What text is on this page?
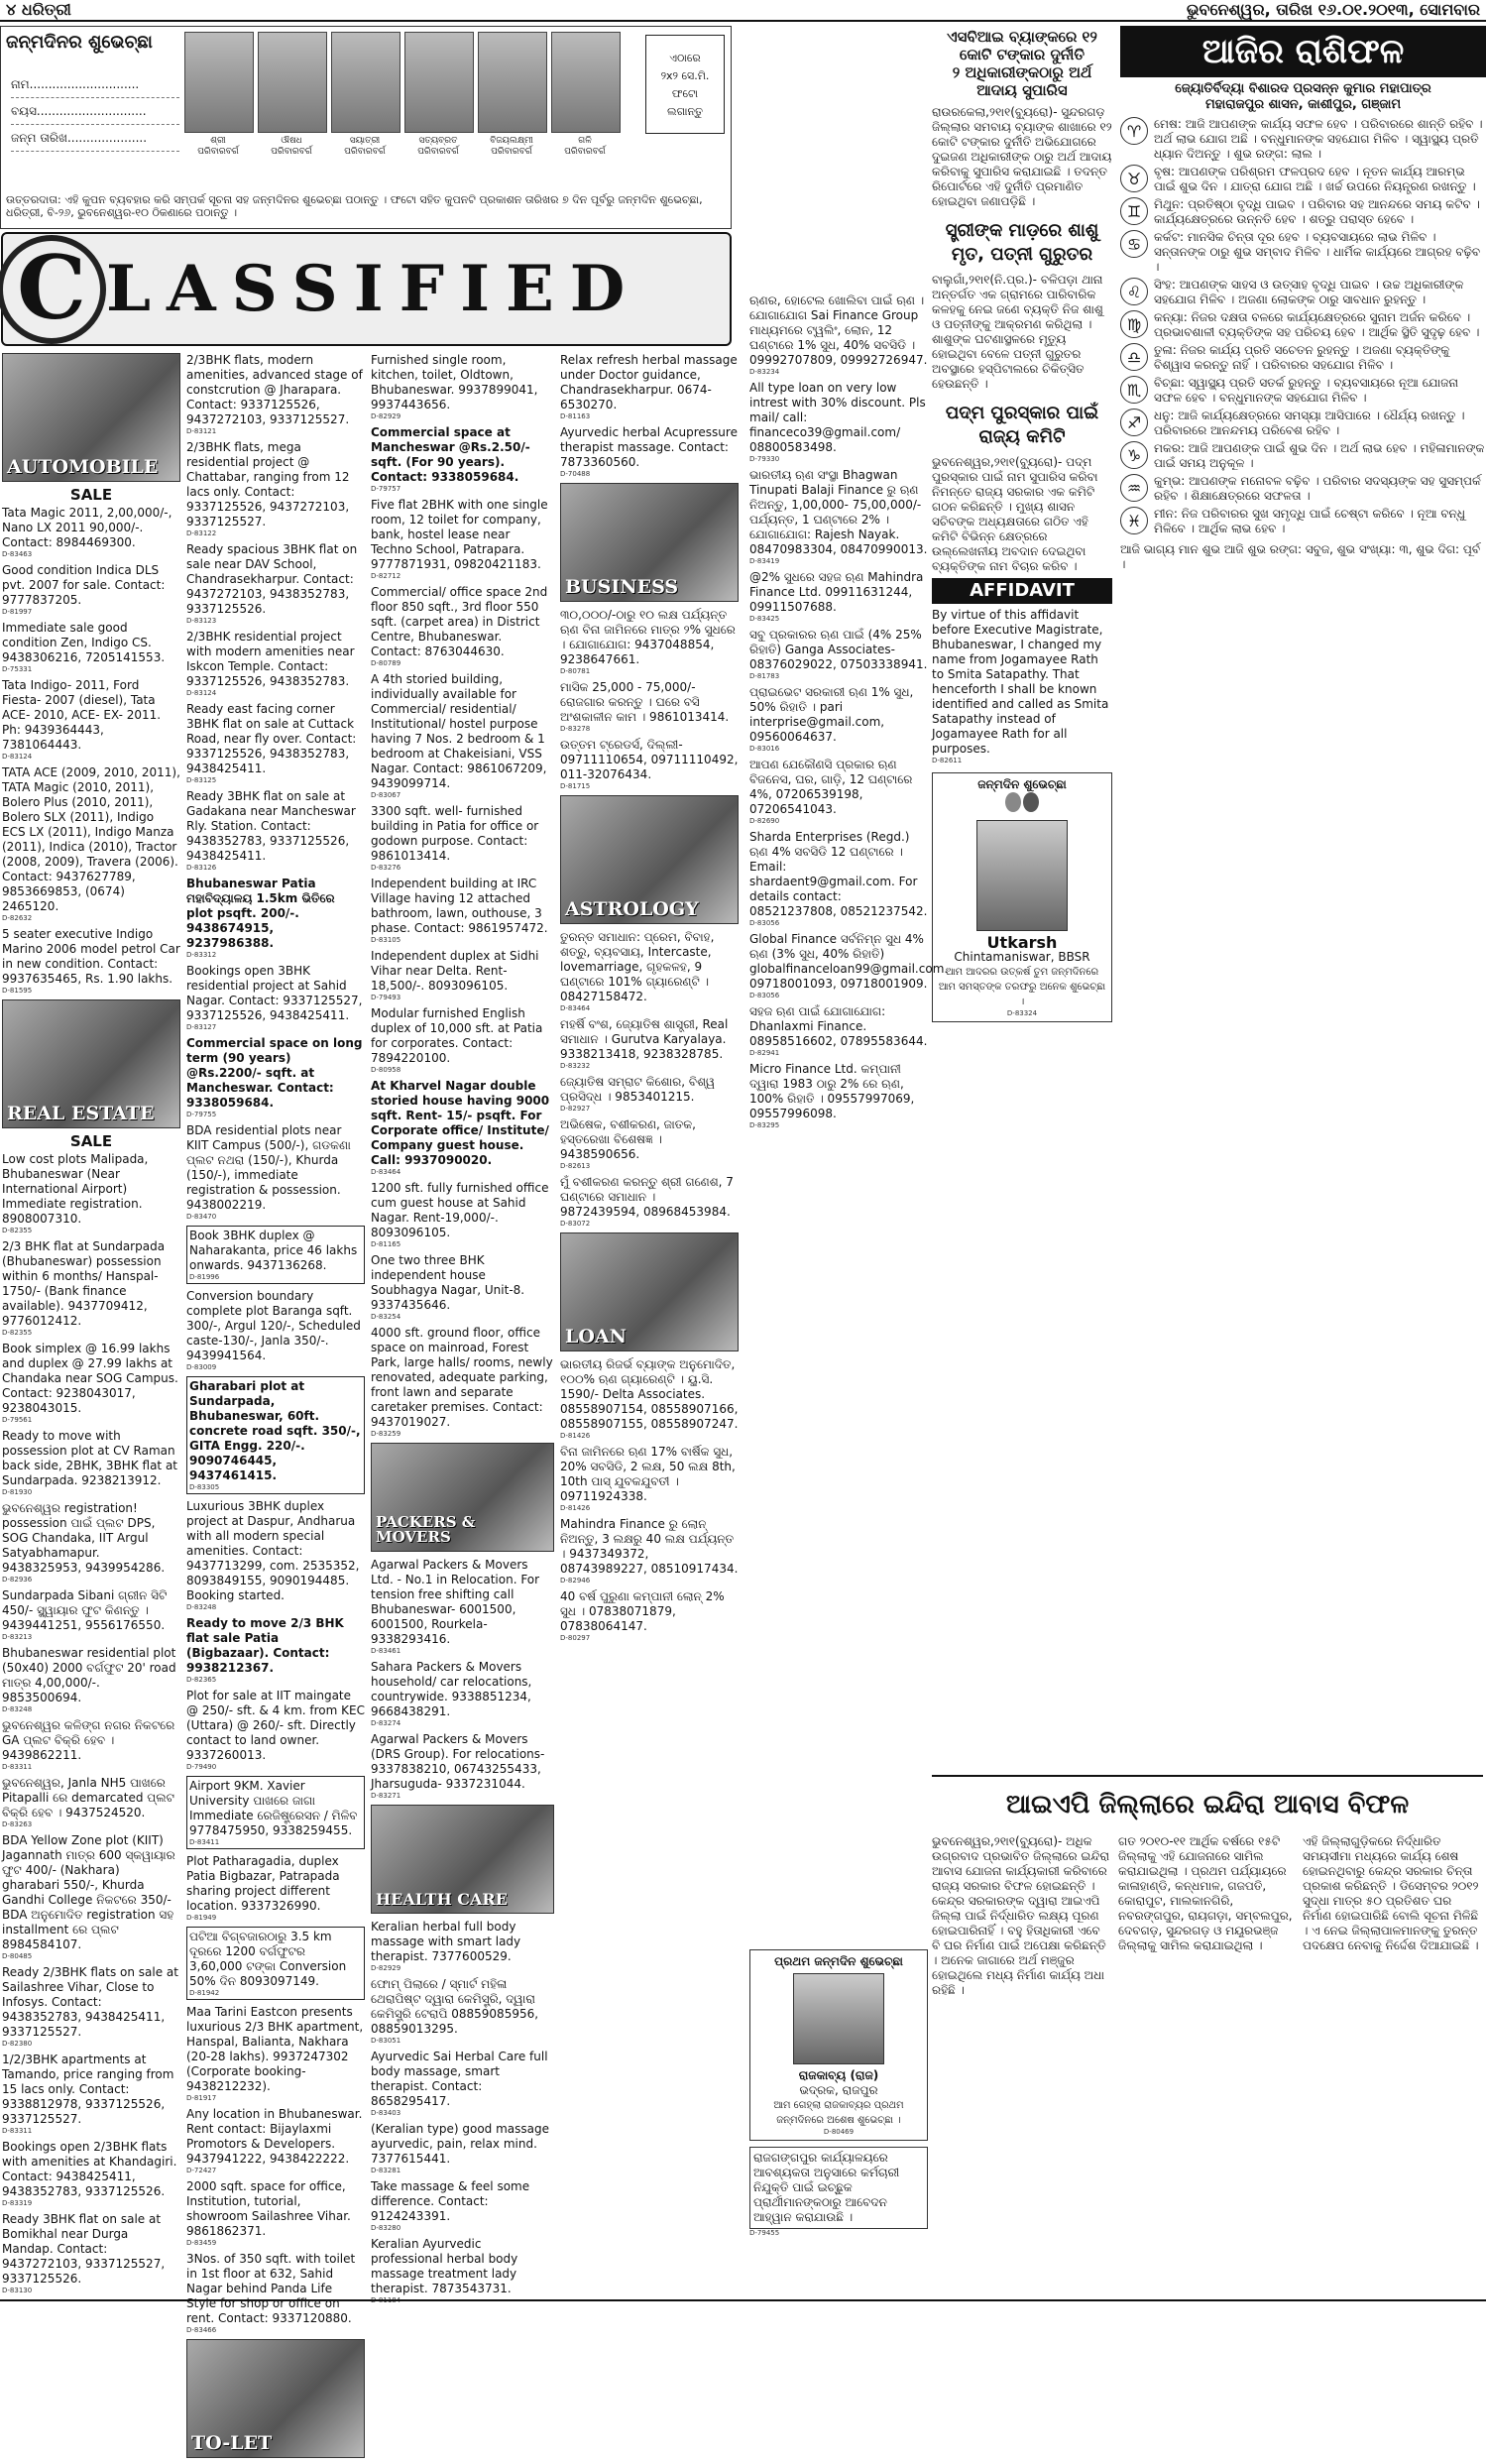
୪ ଧରିତ୍ରୀ	ଭୁବନେଶ୍ୱର, ତାରିଖ ୧୬.୦୧.୨୦୧୩, ସୋମବାର
ଜନ୍ମଦିନର ଶୁଭେଚ୍ଛା
ନାମ.............................
ବୟସ.............................
ଜନ୍ମ ତାରିଖ.....................	ଶ୍ରୀ
ପରିବାରବର୍ଗ
ଔଷଧ
ପରିବାରବର୍ଗ
ସୟାତ୍ରୀ
ପରିବାରବର୍ଗ
ସତ୍ୟବ୍ରତ
ପରିବାରବର୍ଗ
ବିଜୟଲକ୍ଷ୍ମୀ
ପରିବାରବର୍ଗ
ଗଳି
ପରିବାରବର୍ଗ
ଏଠାରେ
୨x୨ ସେ.ମି.
ଫଟୋ
ଲଗାନ୍ତୁ
ଉତ୍ତରଦାତା: ଏହି କୁପନ ବ୍ୟବହାର କରି ସମ୍ପର୍କ ସୂଚନା ସହ ଜନ୍ମଦିନର ଶୁଭେଚ୍ଛା ପଠାନ୍ତୁ । ଫଟୋ ସହିତ କୁପନଟି ପ୍ରକାଶନ ତାରିଖର ୭ ଦିନ ପୂର୍ବରୁ ଜନ୍ମଦିନ ଶୁଭେଚ୍ଛା, ଧରିତ୍ରୀ, ବି-୨୬, ଭୁବନେଶ୍ୱର-୧୦ ଠିକଣାରେ ପଠାନ୍ତୁ ।
C LASSIFIED
AUTOMOBILE
SALE
Tata Magic 2011, 2,00,000/-, Nano LX 2011 90,000/-. Contact: 8984469300.
D-83463
Good condition Indica DLS pvt. 2007 for sale. Contact: 9777837205.
D-81997
Immediate sale good condition Zen, Indigo CS. 9438306216, 7205141553.
D-75331
Tata Indigo- 2011, Ford Fiesta- 2007 (diesel), Tata ACE- 2010, ACE- EX- 2011. Ph: 9439364443, 7381064443.
D-83124
TATA ACE (2009, 2010, 2011), TATA Magic (2010, 2011), Bolero Plus (2010, 2011), Bolero SLX (2011), Indigo ECS LX (2011), Indigo Manza (2011), Indica (2010), Tractor (2008, 2009), Travera (2006). Contact: 9437627789, 9853669853, (0674) 2465120.
D-82632
5 seater executive Indigo Marino 2006 model petrol Car in new condition. Contact: 9937635465, Rs. 1.90 lakhs.
D-81595
REAL ESTATE
SALE
Low cost plots Malipada, Bhubaneswar (Near International Airport) Immediate registration. 8908007310.
D-82355
2/3 BHK flat at Sundarpada (Bhubaneswar) possession within 6 months/ Hanspal- 1750/- (Bank finance available). 9437709412, 9776012412.
D-82355
Book simplex @ 16.99 lakhs and duplex @ 27.99 lakhs at Chandaka near SOG Campus. Contact: 9238043017, 9238043015.
D-79561
Ready to move with possession plot at CV Raman back side, 2BHK, 3BHK flat at Sundarpada. 9238213912.
D-81930
ଭୁବନେଶ୍ୱର registration! possession ପାଇଁ ପ୍ଲଟ DPS, SOG Chandaka, IIT Argul Satyabhamapur. 9438325953, 9439954286.
D-82936
Sundarpada Sibani ଗ୍ରୀନ ସିଟି 450/- ସ୍କ୍ୱାୟାର ଫୁଟ କିଣନ୍ତୁ । 9439441251, 9556176550.
D-83213
Bhubaneswar residential plot (50x40) 2000 ବର୍ଗଫୁଟ 20' road ମାତ୍ର 4,00,000/-. 9853500694.
D-83248
ଭୁବନେଶ୍ୱର କଳିଙ୍ଗ ନଗର ନିକଟରେ GA ପ୍ଲଟ ବିକ୍ରି ହେବ । 9439862211.
D-83311
ଭୁବନେଶ୍ୱର, Janla NH5 ପାଖରେ Pitapalli ରେ demarcated ପ୍ଲଟ ବିକ୍ରି ହେବ । 9437524520.
D-83263
BDA Yellow Zone plot (KIIT) Jagannath ମାତ୍ର 600 ସ୍କୱାୟାର ଫୁଟ 400/- (Nakhara) gharabari 550/-, Khurda Gandhi College ନିକଟରେ 350/- BDA ଅନୁମୋଦିତ registration ସହ installment ରେ ପ୍ଲଟ 8984584107.
D-80485
Ready 2/3BHK flats on sale at Sailashree Vihar, Close to Infosys. Contact: 9438352783, 9438425411, 9337125527.
D-82380
1/2/3BHK apartments at Tamando, price ranging from 15 lacs only. Contact: 9338812978, 9337125526, 9337125527.
D-83311
Bookings open 2/3BHK flats with amenities at Khandagiri. Contact: 9438425411, 9438352783, 9337125526.
D-83319
Ready 3BHK flat on sale at Bomikhal near Durga Mandap. Contact: 9437272103, 9337125527, 9337125526.
D-83130
2/3BHK flats, modern amenities, advanced stage of constcrution @ Jharapara. Contact: 9337125526, 9437272103, 9337125527.
D-83121
2/3BHK flats, mega residential project @ Chattabar, ranging from 12 lacs only. Contact: 9337125526, 9437272103, 9337125527.
D-83122
Ready spacious 3BHK flat on sale near DAV School, Chandrasekharpur. Contact: 9437272103, 9438352783, 9337125526.
D-83123
2/3BHK residential project with modern amenities near Iskcon Temple. Contact: 9337125526, 9438352783.
D-83124
Ready east facing corner 3BHK flat on sale at Cuttack Road, near fly over. Contact: 9337125526, 9438352783, 9438425411.
D-83125
Ready 3BHK flat on sale at Gadakana near Mancheswar Rly. Station. Contact: 9438352783, 9337125526, 9438425411.
D-83126
Bhubaneswar Patia ମହାବିଦ୍ୟାଳୟ 1.5km ଭିତିରେ plot psqft. 200/-. 9438674915, 9237986388.
D-83312
Bookings open 3BHK residential project at Sahid Nagar. Contact: 9337125527, 9337125526, 9438425411.
D-83127
Commercial space on long term (90 years) @Rs.2200/- sqft. at Mancheswar. Contact: 9338059684.
D-79755
BDA residential plots near KIIT Campus (500/-), ଗଡକଣା ପ୍ଲଟ ନଥରା (150/-), Khurda (150/-), immediate registration & possession. 9438002219.
D-83470
Book 3BHK duplex @ Naharakanta, price 46 lakhs onwards. 9437136268.
D-81996
Conversion boundary complete plot Baranga sqft. 300/-, Argul 120/-, Scheduled caste-130/-, Janla 350/-. 9439941564.
D-83009
Gharabari plot at Sundarpada, Bhubaneswar, 60ft. concrete road sqft. 350/-, GITA Engg. 220/-. 9090746445, 9437461415.
D-83305
Luxurious 3BHK duplex project at Daspur, Andharua with all modern special amenities. Contact: 9437713299, com. 2535352, 8093849155, 9090194485. Booking started.
D-83248
Ready to move 2/3 BHK flat sale Patia (Bigbazaar). Contact: 9938212367.
D-82365
Plot for sale at IIT maingate @ 250/- sft. & 4 km. from KEC (Uttara) @ 260/- sft. Directly contact to land owner. 9337260013.
D-79490
Airport 9KM. Xavier University ପାଖରେ ଜାଗା Immediate ରେଜିଷ୍ଟ୍ରେସନ / ମିଳିବ 9778475950, 9338259455.
D-83411
Plot Patharagadia, duplex Patia Bigbazar, Patrapada sharing project different location. 9337326990.
D-81949
ପଟିଆ ବିଗ୍ବଜାରଠାରୁ 3.5 km ଦୂରରେ 1200 ବର୍ଗଫୁଟର 3,60,000 ଟଙ୍କା Conversion 50% ଦିନ 8093097149.
D-81942
Maa Tarini Eastcon presents luxurious 2/3 BHK apartment, Hanspal, Balianta, Nakhara (20-28 lakhs). 9937247302 (Corporate booking- 9438212232).
D-81917
Any location in Bhubaneswar. Rent contact: Bijaylaxmi Promotors & Developers. 9437941222, 9438422222.
D-72427
2000 sqft. space for office, Institution, tutorial, showroom Sailashree Vihar. 9861862371.
D-83459
3Nos. of 350 sqft. with toilet in 1st floor at 632, Sahid Nagar behind Panda Life Style for shop or office on rent. Contact: 9337120880.
D-83466
TO-LET
Furnished single room, kitchen, toilet, Oldtown, Bhubaneswar. 9937899041, 9937443656.
D-82929
Commercial space at Mancheswar @Rs.2.50/- sqft. (For 90 years). Contact: 9338059684.
D-79757
Five flat 2BHK with one single room, 12 toilet for company, bank, hostel lease near Techno School, Patrapara. 9777871931, 09820421183.
D-82712
Commercial/ office space 2nd floor 850 sqft., 3rd floor 550 sqft. (carpet area) in District Centre, Bhubaneswar. Contact: 8763044630.
D-80789
A 4th storied building, individually available for Commercial/ residential/ Institutional/ hostel purpose having 7 Nos. 2 bedroom & 1 bedroom at Chakeisiani, VSS Nagar. Contact: 9861067209, 9439099714.
D-83067
3300 sqft. well- furnished building in Patia for office or godown purpose. Contact: 9861013414.
D-83276
Independent building at IRC Village having 12 attached bathroom, lawn, outhouse, 3 phase. Contact: 9861957472.
D-83105
Independent duplex at Sidhi Vihar near Delta. Rent- 18,500/-. 8093096105.
D-79493
Modular furnished English duplex of 10,000 sft. at Patia for corporates. Contact: 7894220100.
D-80958
At Kharvel Nagar double storied house having 9000 sqft. Rent- 15/- psqft. For Corporate office/ Institute/ Company guest house. Call: 9937090020.
D-83464
1200 sft. fully furnished office cum guest house at Sahid Nagar. Rent-19,000/-. 8093096105.
D-81165
One two three BHK independent house Soubhagya Nagar, Unit-8. 9337435646.
D-83254
4000 sft. ground floor, office space on mainroad, Forest Park, large halls/ rooms, newly renovated, adequate parking, front lawn and separate caretaker premises. Contact: 9437019027.
D-83259
PACKERS & MOVERS
Agarwal Packers & Movers Ltd. - No.1 in Relocation. For tension free shifting call Bhubaneswar- 6001500, 6001500, Rourkela- 9338293416.
D-83461
Sahara Packers & Movers household/ car relocations, countrywide. 9338851234, 9668438291.
D-83274
Agarwal Packers & Movers (DRS Group). For relocations- 9337838210, 06743255433, Jharsuguda- 9337231044.
D-83271
HEALTH CARE
Keralian herbal full body massage with smart lady therapist. 7377600529.
D-82929
ଫୋମ୍ ପିଲାରେ / ସ୍ମାର୍ଟ ମହିଳା ଥେରାପିଷ୍ଟ ଦ୍ୱାରା କେମିସ୍ଟ୍ରି, ଦ୍ୱାରା କେମିସ୍ଟ୍ରି ଟେରାପି 08859085956, 08859013295.
D-83051
Ayurvedic Sai Herbal Care full body massage, smart therapist. Contact: 8658295417.
D-83403
(Keralian type) good massage ayurvedic, pain, relax mind. 7377615441.
D-83281
Take massage & feel some difference. Contact: 9124243391.
D-83280
Keralian Ayurvedic professional herbal body massage treatment lady therapist. 7873543731.
D-81184
Relax refresh herbal massage under Doctor guidance, Chandrasekharpur. 0674- 6530270.
D-81163
Ayurvedic herbal Acupressure therapist massage. Contact: 7873360560.
D-70488
BUSINESS
୩୦,୦୦୦/-ଠାରୁ ୧୦ ଲକ୍ଷ ପର୍ଯ୍ୟନ୍ତ ଋଣ ବିନା ଜାମିନରେ ମାତ୍ର ୨% ସୁଧରେ । ଯୋଗାଯୋଗ: 9437048854, 9238647661.
D-80781
ମାସିକ 25,000 - 75,000/- ରୋଜଗାର କରନ୍ତୁ । ଘରେ ବସି ଅଂଶକାଳୀନ କାମ । 9861013414.
D-83278
ଉତ୍ତମ ଟ୍ରେଡର୍ସ, ଦିଲ୍ଲୀ- 09711110654, 09711110492, 011-32076434.
D-81715
ASTROLOGY
ତୁରନ୍ତ ସମାଧାନ: ପ୍ରେମ, ବିବାହ, ଶତ୍ରୁ, ବ୍ୟବସାୟ, Intercaste, lovemarriage, ଗୃହକଳହ, 9 ଘଣ୍ଟାରେ 101% ଗ୍ୟାରେଣ୍ଟି । 08427158472.
D-83464
ମହର୍ଷି ବଂଶ, ଜ୍ୟୋତିଷ ଶାସ୍ତ୍ରୀ, Real ସମାଧାନ । Gurutva Karyalaya. 9338213418, 9238328785.
D-83232
ଜ୍ୟୋତିଷ ସମ୍ରାଟ କିଶୋର, ବିଶ୍ୱ ପ୍ରସିଦ୍ଧ । 9853401215.
D-82927
ଅଭିଷେକ, ବଶୀକରଣ, ଜାତକ, ହସ୍ତରେଖା ବିଶେଷଜ୍ଞ । 9438590656.
D-82613
ମୁଁ ବଶୀକରଣ କରନ୍ତୁ ଶ୍ରୀ ଗଣେଶ, 7 ଘଣ୍ଟାରେ ସମାଧାନ । 9872439594, 08968453984.
D-83072
LOAN
ଭାରତୀୟ ରିଜର୍ଭ ବ୍ୟାଙ୍କ ଅନୁମୋଦିତ, ୧୦୦% ଋଣ ଗ୍ୟାରେଣ୍ଟି । ୟୁ.ସି. 1590/- Delta Associates. 08558907154, 08558907166, 08558907155, 08558907247.
D-81426
ବିନା ଜାମିନରେ ଋଣ 17% ବାର୍ଷିକ ସୁଧ, 20% ସବସିଡି, 2 ଲକ୍ଷ, 50 ଲକ୍ଷ 8th, 10th ପାସ୍ ଯୁବକଯୁବତୀ । 09711924338.
D-81426
Mahindra Finance ରୁ ଲୋନ୍ ନିଅନ୍ତୁ, 3 ଲକ୍ଷରୁ 40 ଲକ୍ଷ ପର୍ଯ୍ୟନ୍ତ । 9437349372, 08743989227, 08510917434.
D-82946
40 ବର୍ଷ ପୁରୁଣା କମ୍ପାନୀ ଲୋନ୍ 2% ସୁଧ । 07838071879, 07838064147.
D-80297
ଋଣର, ହୋଟେଲ ଖୋଲିବା ପାଇଁ ଋଣ । ଯୋଗାଯୋଗ Sai Finance Group ମାଧ୍ୟମରେ ଟ୍ୱଲିଂ, ଲୋନ, 12 ଘଣ୍ଟାରେ 1% ସୁଧ, 40% ସବସିଡି । 09992707809, 09992726947.
D-83234
All type loan on very low intrest with 30% discount. Pls mail/ call: financeco39@gmail.com/ 08800583498.
D-79330
ଭାରତୀୟ ଋଣ ସଂସ୍ଥା Bhagwan Tinupati Balaji Finance ରୁ ଋଣ ନିଅନ୍ତୁ, 1,00,000- 75,00,000/- ପର୍ଯ୍ୟନ୍ତ, 1 ଘଣ୍ଟାରେ 2% । ଯୋଗାଯୋଗ: Rajesh Nayak. 08470983304, 08470990013.
D-83419
@2% ସୁଧରେ ସହଜ ଋଣ Mahindra Finance Ltd. 09911631244, 09911507688.
D-83425
ସବୁ ପ୍ରକାରର ଋଣ ପାଇଁ (4% 25% ରିହାତି) Ganga Associates- 08376029022, 07503338941.
D-81783
ପ୍ରାଇଭେଟ ସରକାରୀ ଋଣ 1% ସୁଧ, 50% ରିହାତି । pari interprise@gmail.com, 09560064637.
D-83016
ଆପଣ ଯେକୌଣସି ପ୍ରକାର ଋଣ ବିଜନେସ, ଘର, ଗାଡ଼ି, 12 ଘଣ୍ଟାରେ 4%, 07206539198, 07206541043.
D-82690
Sharda Enterprises (Regd.) ଋଣ 4% ସବସିଡି 12 ଘଣ୍ଟାରେ । Email: shardaent9@gmail.com. For details contact: 08521237808, 08521237542.
D-83056
Global Finance ସର୍ବନିମ୍ନ ସୁଧ 4% ଋଣ (3% ସୁଧ, 40% ରିହାତି) globalfinanceloan99@gmail.com. 09718001093, 09718001909.
D-83056
ସହଜ ଋଣ ପାଇଁ ଯୋଗାଯୋଗ: Dhanlaxmi Finance. 08958516602, 07895583644.
D-82941
Micro Finance Ltd. କମ୍ପାନୀ ଦ୍ୱାରା 1983 ଠାରୁ 2% ରେ ଋଣ, 100% ରିହାତି । 09557997069, 09557996098.
D-83295
ଏସବିଆଇ ବ୍ୟାଙ୍କରେ ୧୨ କୋଟି ଟଙ୍କାର ଦୁର୍ନୀତି
୨ ଅଧିକାରୀଙ୍କଠାରୁ ଅର୍ଥ ଆଦାୟ ସୁପାରିସ
ରାଉରକେଲା,୨୧ା୧(ବ୍ୟୁରୋ)- ସୁନ୍ଦରଗଡ଼ ଜିଲ୍ଲାର ସମବାୟ ବ୍ୟାଙ୍କ ଶାଖାରେ ୧୨ କୋଟି ଟଙ୍କାର ଦୁର୍ନୀତି ଅଭିଯୋଗରେ ଦୁଇଜଣ ଅଧିକାରୀଙ୍କ ଠାରୁ ଅର୍ଥ ଆଦାୟ କରିବାକୁ ସୁପାରିସ କରାଯାଇଛି । ତଦନ୍ତ ରିପୋର୍ଟରେ ଏହି ଦୁର୍ନୀତି ପ୍ରମାଣିତ ହୋଇଥିବା ଜଣାପଡ଼ିଛି ।
ସ୍ତ୍ରୀଙ୍କ ମାଡ଼ରେ ଶାଶୁ ମୃତ, ପତ୍ନୀ ଗୁରୁତର
ବାଲୁଗାଁ,୨୧ା୧(ନି.ପ୍ର.)- ବଳିପଡ଼ା ଥାନା ଅନ୍ତର୍ଗତ ଏକ ଗ୍ରାମରେ ପାରିବାରିକ କଳହକୁ ନେଇ ଜଣେ ବ୍ୟକ୍ତି ନିଜ ଶାଶୁ ଓ ପତ୍ନୀଙ୍କୁ ଆକ୍ରମଣ କରିଥିଲା । ଶାଶୁଙ୍କ ଘଟଣାସ୍ଥଳରେ ମୃତ୍ୟୁ ହୋଇଥିବା ବେଳେ ପତ୍ନୀ ଗୁରୁତର ଅବସ୍ଥାରେ ହସ୍ପିଟାଲରେ ଚିକିତ୍ସିତ ହେଉଛନ୍ତି ।
ପଦ୍ମ ପୁରସ୍କାର ପାଇଁ ରାଜ୍ୟ କମିଟି
ଭୁବନେଶ୍ୱର,୨୧ା୧(ବ୍ୟୁରୋ)- ପଦ୍ମ ପୁରସ୍କାର ପାଇଁ ନାମ ସୁପାରିସ କରିବା ନିମନ୍ତେ ରାଜ୍ୟ ସରକାର ଏକ କମିଟି ଗଠନ କରିଛନ୍ତି । ମୁଖ୍ୟ ଶାସନ ସଚିବଙ୍କ ଅଧ୍ୟକ୍ଷତାରେ ଗଠିତ ଏହି କମିଟି ବିଭିନ୍ନ କ୍ଷେତ୍ରରେ ଉଲ୍ଲେଖନୀୟ ଅବଦାନ ଦେଇଥିବା ବ୍ୟକ୍ତିଙ୍କ ନାମ ବିଚାର କରିବ ।
AFFIDAVIT
By virtue of this affidavit before Executive Magistrate, Bhubaneswar, I changed my name from Jogamayee Rath to Smita Satapathy. That henceforth I shall be known identified and called as Smita Satapathy instead of Jogamayee Rath for all purposes.
D-82611
ଜନ୍ମଦିନ ଶୁଭେଚ୍ଛା
Utkarsh
Chintamaniswar, BBSR
ଆମ ଆଦରର ଉତ୍କର୍ଷ ତୁମ ଜନ୍ମଦିନରେ ଆମ ସମସ୍ତଙ୍କ ତରଫରୁ ଅନେକ ଶୁଭେଚ୍ଛା ।
D-83324
ପ୍ରଥମ ଜନ୍ମଦିନ ଶୁଭେଚ୍ଛା
ରାଜକାବ୍ୟ (ରାଜ)
ଭଦ୍ରକ, ରାଜପୁର
ଆମ ଗେହ୍ଲା ରାଜକାବ୍ୟର ପ୍ରଥମ ଜନ୍ମଦିନରେ ଅଶେଷ ଶୁଭେଚ୍ଛା ।
D-80469
ରାଜଗଙ୍ଗପୁର କାର୍ଯ୍ୟାଳୟରେ ଆବଶ୍ୟକତା ଅନୁସାରେ କର୍ମଚାରୀ ନିଯୁକ୍ତି ପାଇଁ ଇଚ୍ଛୁକ ପ୍ରାର୍ଥୀମାନଙ୍କଠାରୁ ଆବେଦନ ଆହ୍ୱାନ କରାଯାଉଛି ।
D-79455
ଆଜିର ରାଶିଫଳ
ଜ୍ୟୋତିର୍ବିଦ୍ୟା ବିଶାରଦ ପ୍ରସନ୍ନ କୁମାର ମହାପାତ୍ର
ମହାରାଜପୁର ଶାସନ, କାଶୀପୁର, ଗଞ୍ଜାମ
♈	ମେଷ: ଆଜି ଆପଣଙ୍କ କାର୍ଯ୍ୟ ସଫଳ ହେବ । ପରିବାରରେ ଶାନ୍ତି ରହିବ । ଅର୍ଥ ଲାଭ ଯୋଗ ଅଛି । ବନ୍ଧୁମାନଙ୍କ ସହଯୋଗ ମିଳିବ । ସ୍ୱାସ୍ଥ୍ୟ ପ୍ରତି ଧ୍ୟାନ ଦିଅନ୍ତୁ । ଶୁଭ ରଙ୍ଗ: ଲାଲ ।
♉	ବୃଷ: ଆପଣଙ୍କ ପରିଶ୍ରମ ଫଳପ୍ରଦ ହେବ । ନୂତନ କାର୍ଯ୍ୟ ଆରମ୍ଭ ପାଇଁ ଶୁଭ ଦିନ । ଯାତ୍ରା ଯୋଗ ଅଛି । ଖର୍ଚ୍ଚ ଉପରେ ନିୟନ୍ତ୍ରଣ ରଖନ୍ତୁ ।
♊	ମିଥୁନ: ପ୍ରତିଷ୍ଠା ବୃଦ୍ଧି ପାଇବ । ପରିବାର ସହ ଆନନ୍ଦରେ ସମୟ କଟିବ । କାର୍ଯ୍ୟକ୍ଷେତ୍ରରେ ଉନ୍ନତି ହେବ । ଶତ୍ରୁ ପରାସ୍ତ ହେବେ ।
♋	କର୍କଟ: ମାନସିକ ଚିନ୍ତା ଦୂର ହେବ । ବ୍ୟବସାୟରେ ଲାଭ ମିଳିବ । ସନ୍ତାନଙ୍କ ଠାରୁ ଶୁଭ ସମ୍ବାଦ ମିଳିବ । ଧାର୍ମିକ କାର୍ଯ୍ୟରେ ଆଗ୍ରହ ବଢ଼ିବ ।
♌	ସିଂହ: ଆପଣଙ୍କ ସାହସ ଓ ଉତ୍ସାହ ବୃଦ୍ଧି ପାଇବ । ଉଚ୍ଚ ଅଧିକାରୀଙ୍କ ସହଯୋଗ ମିଳିବ । ଅଜଣା ଲୋକଙ୍କ ଠାରୁ ସାବଧାନ ରୁହନ୍ତୁ ।
♍	କନ୍ୟା: ନିଜର ଦକ୍ଷତା ବଳରେ କାର୍ଯ୍ୟକ୍ଷେତ୍ରରେ ସୁନାମ ଅର୍ଜନ କରିବେ । ପ୍ରଭାବଶାଳୀ ବ୍ୟକ୍ତିଙ୍କ ସହ ପରିଚୟ ହେବ । ଆର୍ଥିକ ସ୍ଥିତି ସୁଦୃଢ଼ ହେବ ।
♎	ତୁଳା: ନିଜର କାର୍ଯ୍ୟ ପ୍ରତି ସଚେତନ ରୁହନ୍ତୁ । ଅଜଣା ବ୍ୟକ୍ତିଙ୍କୁ ବିଶ୍ୱାସ କରନ୍ତୁ ନାହିଁ । ପରିବାରର ସହଯୋଗ ମିଳିବ ।
♏	ବିଚ୍ଛା: ସ୍ୱାସ୍ଥ୍ୟ ପ୍ରତି ସତର୍କ ରୁହନ୍ତୁ । ବ୍ୟବସାୟରେ ନୂଆ ଯୋଜନା ସଫଳ ହେବ । ବନ୍ଧୁମାନଙ୍କ ସହଯୋଗ ମିଳିବ ।
♐	ଧନୁ: ଆଜି କାର୍ଯ୍ୟକ୍ଷେତ୍ରରେ ସମସ୍ୟା ଆସିପାରେ । ଧୈର୍ଯ୍ୟ ରଖନ୍ତୁ । ପରିବାରରେ ଆନନ୍ଦମୟ ପରିବେଶ ରହିବ ।
♑	ମକର: ଆଜି ଆପଣଙ୍କ ପାଇଁ ଶୁଭ ଦିନ । ଅର୍ଥ ଲାଭ ହେବ । ମହିଳାମାନଙ୍କ ପାଇଁ ସମୟ ଅନୁକୂଳ ।
♒	କୁମ୍ଭ: ଆପଣଙ୍କ ମନୋବଳ ବଢ଼ିବ । ପରିବାର ସଦସ୍ୟଙ୍କ ସହ ସୁସମ୍ପର୍କ ରହିବ । ଶିକ୍ଷାକ୍ଷେତ୍ରରେ ସଫଳତା ।
♓	ମୀନ: ନିଜ ପରିବାରର ସୁଖ ସମୃଦ୍ଧି ପାଇଁ ଚେଷ୍ଟା କରିବେ । ନୂଆ ବନ୍ଧୁ ମିଳିବେ । ଆର୍ଥିକ ଲାଭ ହେବ ।
ଆଜି ଭାଗ୍ୟ ମାନ ଶୁଭ ଆଜି ଶୁଭ ରଙ୍ଗ: ସବୁଜ, ଶୁଭ ସଂଖ୍ୟା: ୩, ଶୁଭ ଦିଗ: ପୂର୍ବ ।
ଆଇଏପି ଜିଲ୍ଲାରେ ଇନ୍ଦିରା ଆବାସ ବିଫଳ
ଭୁବନେଶ୍ୱର,୨୧ା୧(ବ୍ୟୁରୋ)- ଅଧିକ ଉଗ୍ରବାଦ ପ୍ରଭାବିତ ଜିଲ୍ଲାରେ ଇନ୍ଦିରା ଆବାସ ଯୋଜନା କାର୍ଯ୍ୟକାରୀ କରିବାରେ ରାଜ୍ୟ ସରକାର ବିଫଳ ହୋଇଛନ୍ତି । କେନ୍ଦ୍ର ସରକାରଙ୍କ ଦ୍ୱାରା ଆଇଏପି ଜିଲ୍ଲା ପାଇଁ ନିର୍ଦ୍ଧାରିତ ଲକ୍ଷ୍ୟ ପୂରଣ ହୋଇପାରିନାହିଁ । ବହୁ ହିତାଧିକାରୀ ଏବେ ବି ଘର ନିର୍ମାଣ ପାଇଁ ଅପେକ୍ଷା କରିଛନ୍ତି । ଅନେକ ଜାଗାରେ ଅର୍ଥ ମଞ୍ଜୁର ହୋଇଥିଲେ ମଧ୍ୟ ନିର୍ମାଣ କାର୍ଯ୍ୟ ଅଧା ରହିଛି ।
ଗତ ୨୦୧୦-୧୧ ଆର୍ଥିକ ବର୍ଷରେ ୧୫ଟି ଜିଲ୍ଲାକୁ ଏହି ଯୋଜନାରେ ସାମିଲ କରାଯାଇଥିଲା । ପ୍ରଥମ ପର୍ଯ୍ୟାୟରେ କାଳାହାଣ୍ଡି, କନ୍ଧମାଳ, ଗଜପତି, କୋରାପୁଟ, ମାଲକାନଗିରି, ନବରଙ୍ଗପୁର, ରାୟଗଡ଼ା, ସମ୍ବଲପୁର, ଦେବଗଡ଼, ସୁନ୍ଦରଗଡ଼ ଓ ମୟୂରଭଞ୍ଜ ଜିଲ୍ଲାକୁ ସାମିଲ କରାଯାଇଥିଲା ।
ଏହି ଜିଲ୍ଲାଗୁଡ଼ିକରେ ନିର୍ଦ୍ଧାରିତ ସମୟସୀମା ମଧ୍ୟରେ କାର୍ଯ୍ୟ ଶେଷ ହୋଇନଥିବାରୁ କେନ୍ଦ୍ର ସରକାର ଚିନ୍ତା ପ୍ରକାଶ କରିଛନ୍ତି । ଡିସେମ୍ବର ୨୦୧୨ ସୁଦ୍ଧା ମାତ୍ର ୫୦ ପ୍ରତିଶତ ଘର ନିର୍ମାଣ ହୋଇପାରିଛି ବୋଲି ସୂଚନା ମିଳିଛି । ଏ ନେଇ ଜିଲ୍ଲାପାଳମାନଙ୍କୁ ତୁରନ୍ତ ପଦକ୍ଷେପ ନେବାକୁ ନିର୍ଦ୍ଦେଶ ଦିଆଯାଇଛି ।
